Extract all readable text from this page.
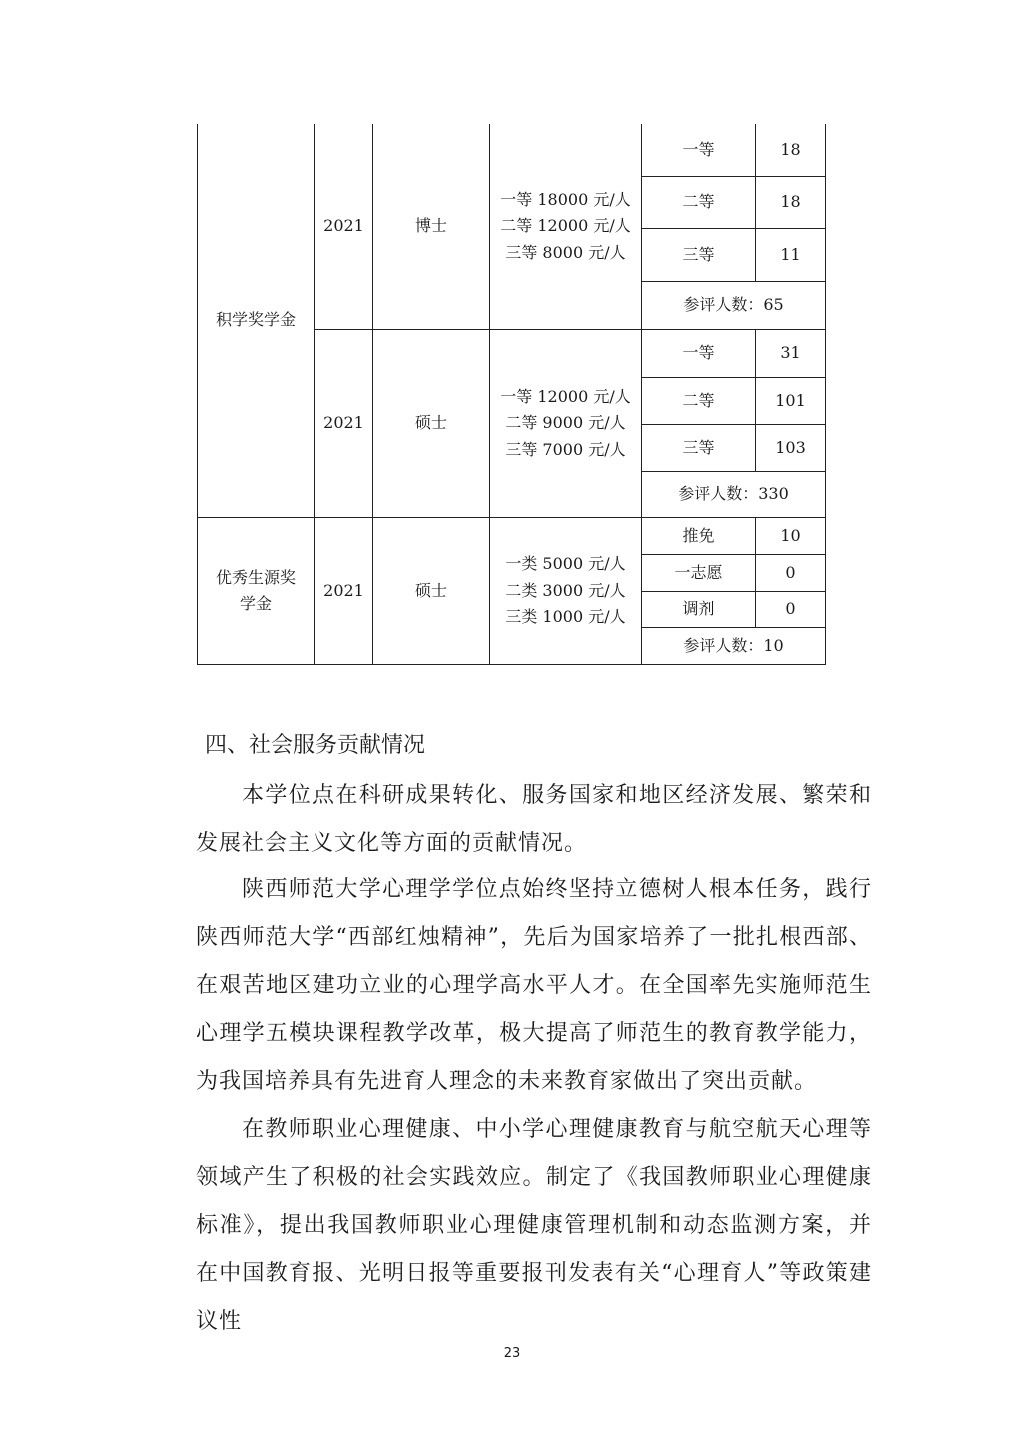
积学奖学金
2021	博士
一等 18000 元/人
二等 12000 元/人
三等 8000 元/人
一等	18
二等	18
三等	11
参评人数：65
2021	硕士
一等 12000 元/人
二等 9000 元/人
三等 7000 元/人
一等	31
二等	101
三等	103
参评人数：330
优秀生源奖
学金
2021	硕士
一类 5000 元/人
二类 3000 元/人
三类 1000 元/人
推免	10
一志愿	0
调剂	0
参评人数：10
四、社会服务贡献情况
本学位点在科研成果转化、服务国家和地区经济发展、繁荣和发展社会主义文化等方面的贡献情况。
陕西师范大学心理学学位点始终坚持立德树人根本任务，践行陕西师范大学“西部红烛精神”，先后为国家培养了一批扎根西部、在艰苦地区建功立业的心理学高水平人才。在全国率先实施师范生心理学五模块课程教学改革，极大提高了师范生的教育教学能力，为我国培养具有先进育人理念的未来教育家做出了突出贡献。
在教师职业心理健康、中小学心理健康教育与航空航天心理等领域产生了积极的社会实践效应。制定了《我国教师职业心理健康标准》，提出我国教师职业心理健康管理机制和动态监测方案，并在中国教育报、光明日报等重要报刊发表有关“心理育人”等政策建议性
23
